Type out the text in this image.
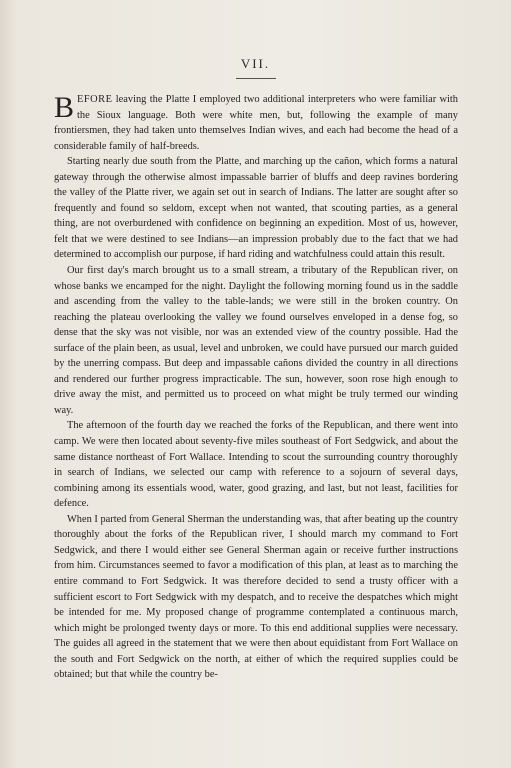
VII.

BEFORE leaving the Platte I employed two additional interpreters who were familiar with the Sioux language. Both were white men, but, following the example of many frontiersmen, they had taken unto themselves Indian wives, and each had become the head of a considerable family of half-breeds.

Starting nearly due south from the Platte, and marching up the cañon, which forms a natural gateway through the otherwise almost impassable barrier of bluffs and deep ravines bordering the valley of the Platte river, we again set out in search of Indians. The latter are sought after so frequently and found so seldom, except when not wanted, that scouting parties, as a general thing, are not overburdened with confidence on beginning an expedition. Most of us, however, felt that we were destined to see Indians—an impression probably due to the fact that we had determined to accomplish our purpose, if hard riding and watchfulness could attain this result.

Our first day's march brought us to a small stream, a tributary of the Republican river, on whose banks we encamped for the night. Daylight the following morning found us in the saddle and ascending from the valley to the table-lands; we were still in the broken country. On reaching the plateau overlooking the valley we found ourselves enveloped in a dense fog, so dense that the sky was not visible, nor was an extended view of the country possible. Had the surface of the plain been, as usual, level and unbroken, we could have pursued our march guided by the unerring compass. But deep and impassable cañons divided the country in all directions and rendered our further progress impracticable. The sun, however, soon rose high enough to drive away the mist, and permitted us to proceed on what might be truly termed our winding way.

The afternoon of the fourth day we reached the forks of the Republican, and there went into camp. We were then located about seventy-five miles southeast of Fort Sedgwick, and about the same distance northeast of Fort Wallace. Intending to scout the surrounding country thoroughly in search of Indians, we selected our camp with reference to a sojourn of several days, combining among its essentials wood, water, good grazing, and last, but not least, facilities for defence.

When I parted from General Sherman the understanding was, that after beating up the country thoroughly about the forks of the Republican river, I should march my command to Fort Sedgwick, and there I would either see General Sherman again or receive further instructions from him. Circumstances seemed to favor a modification of this plan, at least as to marching the entire command to Fort Sedgwick. It was therefore decided to send a trusty officer with a sufficient escort to Fort Sedgwick with my despatch, and to receive the despatches which might be intended for me. My proposed change of programme contemplated a continuous march, which might be prolonged twenty days or more. To this end additional supplies were necessary. The guides all agreed in the statement that we were then about equidistant from Fort Wallace on the south and Fort Sedgwick on the north, at either of which the required supplies could be obtained; but that while the country be-
